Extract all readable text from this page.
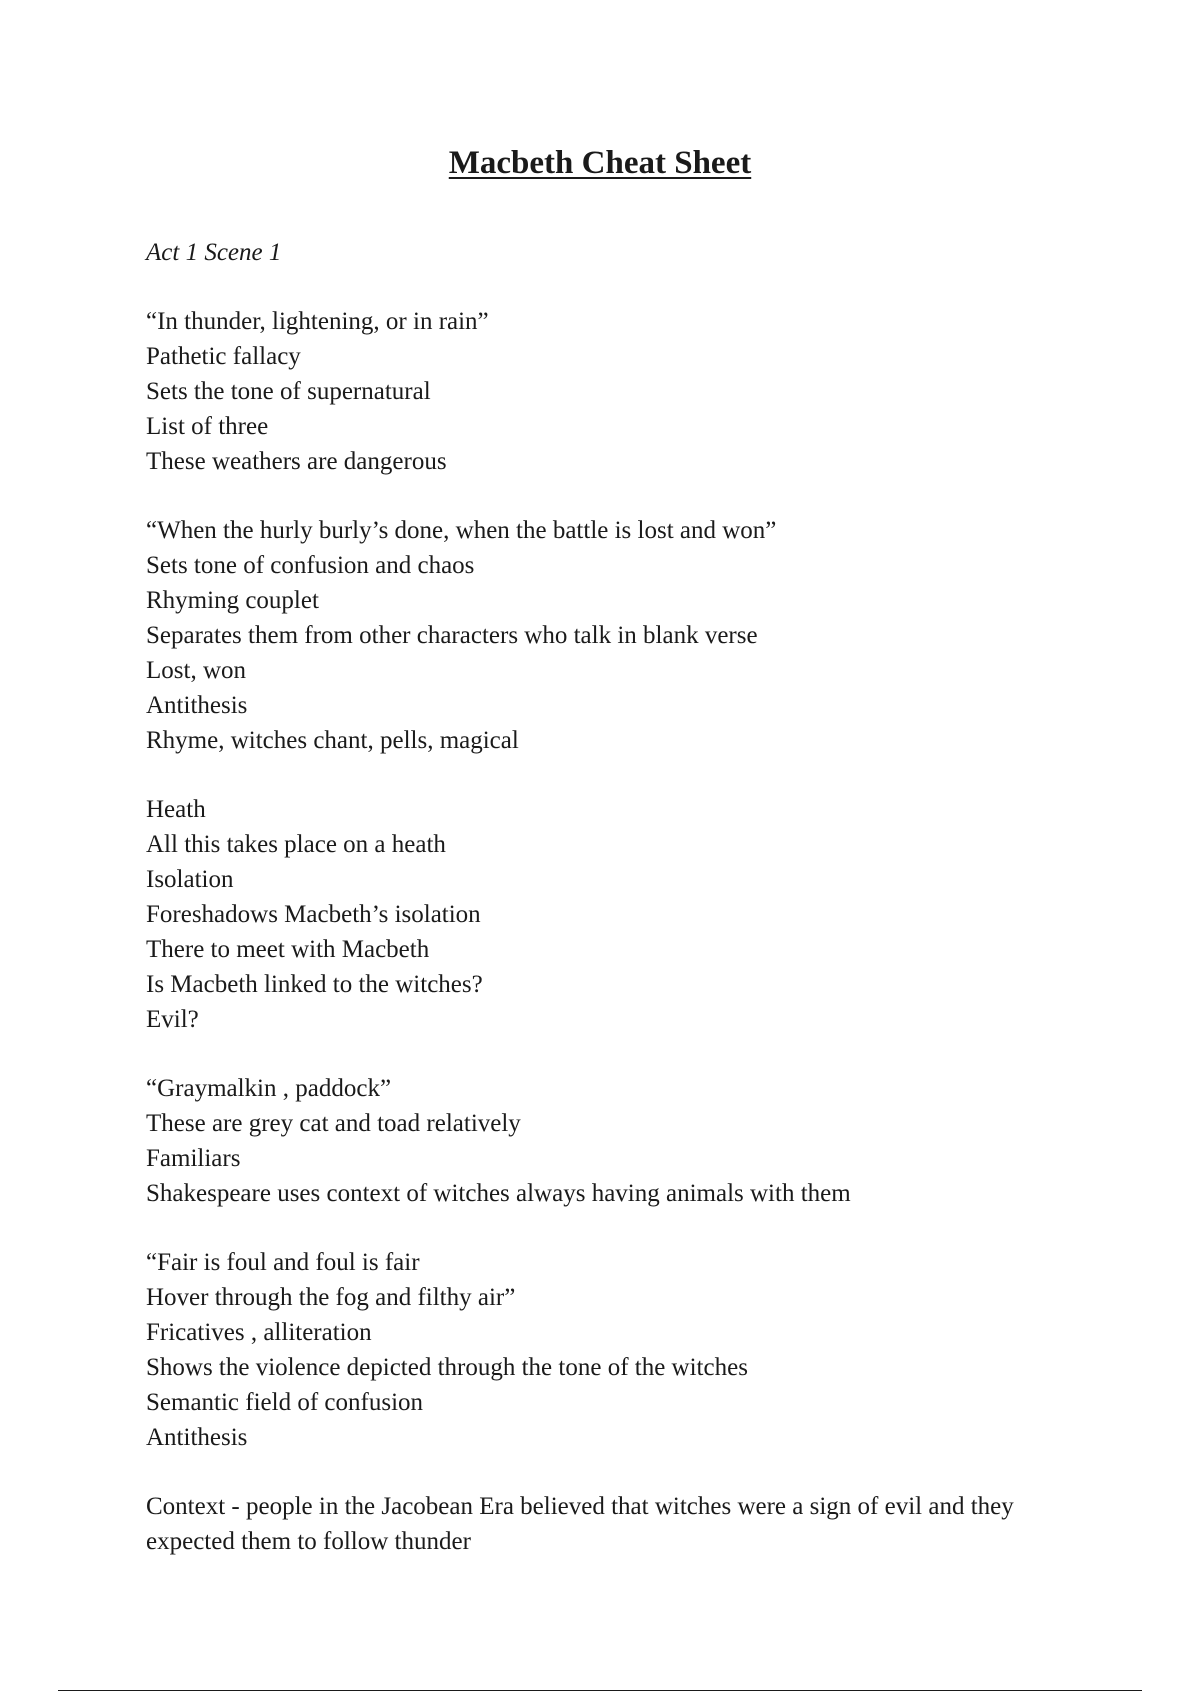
Macbeth Cheat Sheet
Act 1 Scene 1
“In thunder, lightening, or in rain”
Pathetic fallacy
Sets the tone of supernatural
List of three
These weathers are dangerous
“When the hurly burly’s done, when the battle is lost and won”
Sets tone of confusion and chaos
Rhyming couplet
Separates them from other characters who talk in blank verse
Lost, won
Antithesis
Rhyme, witches chant, pells, magical
Heath
All this takes place on a heath
Isolation
Foreshadows Macbeth’s isolation
There to meet with Macbeth
Is Macbeth linked to the witches?
Evil?
“Graymalkin , paddock”
These are grey cat and toad relatively
Familiars
Shakespeare uses context of witches always having animals with them
“Fair is foul and foul is fair
Hover through the fog and filthy air”
Fricatives , alliteration
Shows the violence depicted through the tone of the witches
Semantic field of confusion
Antithesis
Context - people in the Jacobean Era believed that witches were a sign of evil and they expected them to follow thunder
